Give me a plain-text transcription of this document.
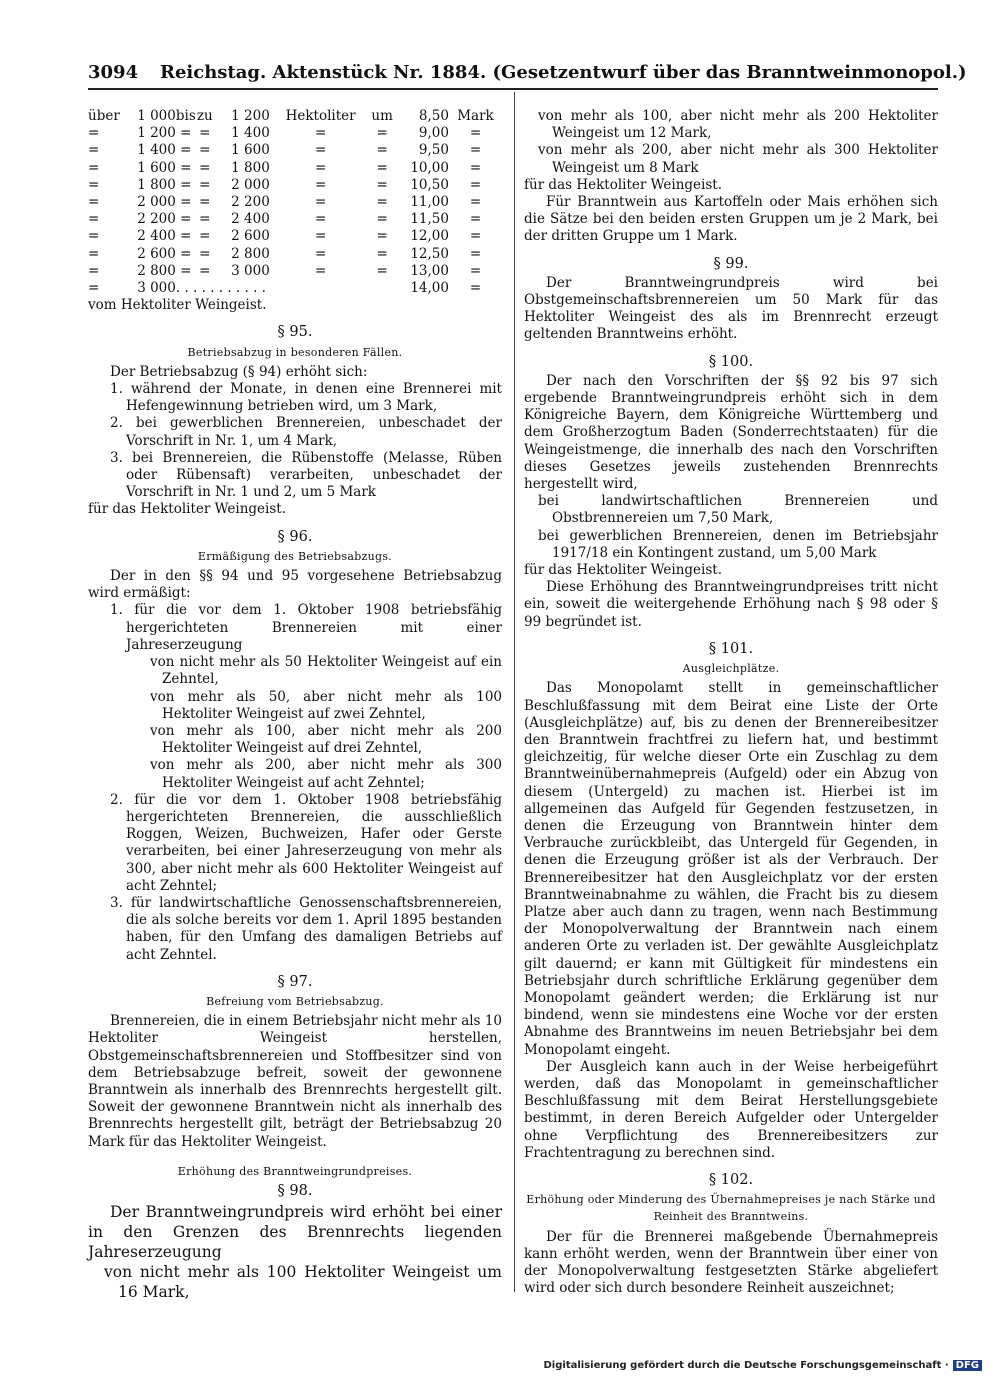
3094 Reichstag. Aktenstück Nr. 1884. (Gesetzentwurf über das Branntweinmonopol.)
über	1 000	bis	zu	1 200	Hektoliter	um	8,50	Mark
=	1 200	=	=	1 400	=	=	9,00	=
=	1 400	=	=	1 600	=	=	9,50	=
=	1 600	=	=	1 800	=	=	10,00	=
=	1 800	=	=	2 000	=	=	10,50	=
=	2 000	=	=	2 200	=	=	11,00	=
=	2 200	=	=	2 400	=	=	11,50	=
=	2 400	=	=	2 600	=	=	12,00	=
=	2 600	=	=	2 800	=	=	12,50	=
=	2 800	=	=	3 000	=	=	13,00	=
=	3 000	. . . . . . . . . . .					14,00	=

vom Hektoliter Weingeist.

§ 95.
Betriebsabzug in besonderen Fällen.

Der Betriebsabzug (§ 94) erhöht sich:

1. während der Monate, in denen eine Brennerei mit Hefengewinnung betrieben wird, um 3 Mark,

2. bei gewerblichen Brennereien, unbeschadet der Vorschrift in Nr. 1, um 4 Mark,

3. bei Brennereien, die Rübenstoffe (Melasse, Rüben oder Rübensaft) verarbeiten, unbeschadet der Vorschrift in Nr. 1 und 2, um 5 Mark

für das Hektoliter Weingeist.

§ 96.
Ermäßigung des Betriebsabzugs.

Der in den §§ 94 und 95 vorgesehene Betriebsabzug wird ermäßigt:

1. für die vor dem 1. Oktober 1908 betriebsfähig hergerichteten Brennereien mit einer Jahreserzeugung

von nicht mehr als 50 Hektoliter Weingeist auf ein Zehntel,

von mehr als 50, aber nicht mehr als 100 Hektoliter Weingeist auf zwei Zehntel,

von mehr als 100, aber nicht mehr als 200 Hektoliter Weingeist auf drei Zehntel,

von mehr als 200, aber nicht mehr als 300 Hektoliter Weingeist auf acht Zehntel;

2. für die vor dem 1. Oktober 1908 betriebsfähig hergerichteten Brennereien, die ausschließlich Roggen, Weizen, Buchweizen, Hafer oder Gerste verarbeiten, bei einer Jahreserzeugung von mehr als 300, aber nicht mehr als 600 Hektoliter Weingeist auf acht Zehntel;

3. für landwirtschaftliche Genossenschaftsbrennereien, die als solche bereits vor dem 1. April 1895 bestanden haben, für den Umfang des damaligen Betriebs auf acht Zehntel.

§ 97.
Befreiung vom Betriebsabzug.

Brennereien, die in einem Betriebsjahr nicht mehr als 10 Hektoliter Weingeist herstellen, Obstgemeinschaftsbrennereien und Stoffbesitzer sind von dem Betriebsabzuge befreit, soweit der gewonnene Branntwein als innerhalb des Brennrechts hergestellt gilt. Soweit der gewonnene Branntwein nicht als innerhalb des Brennrechts hergestellt gilt, beträgt der Betriebsabzug 20 Mark für das Hektoliter Weingeist.

Erhöhung des Branntweingrundpreises.
§ 98.

Der Branntweingrundpreis wird erhöht bei einer in den Grenzen des Brennrechts liegenden Jahreserzeugung

von nicht mehr als 100 Hektoliter Weingeist um 16 Mark,

von mehr als 100, aber nicht mehr als 200 Hektoliter Weingeist um 12 Mark,

von mehr als 200, aber nicht mehr als 300 Hektoliter Weingeist um 8 Mark

für das Hektoliter Weingeist.

Für Branntwein aus Kartoffeln oder Mais erhöhen sich die Sätze bei den beiden ersten Gruppen um je 2 Mark, bei der dritten Gruppe um 1 Mark.

§ 99.

Der Branntweingrundpreis wird bei Obstgemeinschaftsbrennereien um 50 Mark für das Hektoliter Weingeist des als im Brennrecht erzeugt geltenden Branntweins erhöht.

§ 100.

Der nach den Vorschriften der §§ 92 bis 97 sich ergebende Branntweingrundpreis erhöht sich in dem Königreiche Bayern, dem Königreiche Württemberg und dem Großherzogtum Baden (Sonderrechtstaaten) für die Weingeistmenge, die innerhalb des nach den Vorschriften dieses Gesetzes jeweils zustehenden Brennrechts hergestellt wird,

bei landwirtschaftlichen Brennereien und Obstbrennereien um 7,50 Mark,

bei gewerblichen Brennereien, denen im Betriebsjahr 1917/18 ein Kontingent zustand, um 5,00 Mark

für das Hektoliter Weingeist.

Diese Erhöhung des Branntweingrundpreises tritt nicht ein, soweit die weitergehende Erhöhung nach § 98 oder § 99 begründet ist.

§ 101.
Ausgleichplätze.

Das Monopolamt stellt in gemeinschaftlicher Beschlußfassung mit dem Beirat eine Liste der Orte (Ausgleichplätze) auf, bis zu denen der Brennereibesitzer den Branntwein frachtfrei zu liefern hat, und bestimmt gleichzeitig, für welche dieser Orte ein Zuschlag zu dem Branntweinübernahmepreis (Aufgeld) oder ein Abzug von diesem (Untergeld) zu machen ist. Hierbei ist im allgemeinen das Aufgeld für Gegenden festzusetzen, in denen die Erzeugung von Branntwein hinter dem Verbrauche zurückbleibt, das Untergeld für Gegenden, in denen die Erzeugung größer ist als der Verbrauch. Der Brennereibesitzer hat den Ausgleichplatz vor der ersten Branntweinabnahme zu wählen, die Fracht bis zu diesem Platze aber auch dann zu tragen, wenn nach Bestimmung der Monopolverwaltung der Branntwein nach einem anderen Orte zu verladen ist. Der gewählte Ausgleichplatz gilt dauernd; er kann mit Gültigkeit für mindestens ein Betriebsjahr durch schriftliche Erklärung gegenüber dem Monopolamt geändert werden; die Erklärung ist nur bindend, wenn sie mindestens eine Woche vor der ersten Abnahme des Branntweins im neuen Betriebsjahr bei dem Monopolamt eingeht.

Der Ausgleich kann auch in der Weise herbeigeführt werden, daß das Monopolamt in gemeinschaftlicher Beschlußfassung mit dem Beirat Herstellungsgebiete bestimmt, in deren Bereich Aufgelder oder Untergelder ohne Verpflichtung des Brennereibesitzers zur Frachtentragung zu berechnen sind.

§ 102.
Erhöhung oder Minderung des Übernahmepreises je nach Stärke und Reinheit des Branntweins.

Der für die Brennerei maßgebende Übernahmepreis kann erhöht werden, wenn der Branntwein über einer von der Monopolverwaltung festgesetzten Stärke abgeliefert wird oder sich durch besondere Reinheit auszeichnet;

Digitalisierung gefördert durch die Deutsche Forschungsgemeinschaft · DFG
